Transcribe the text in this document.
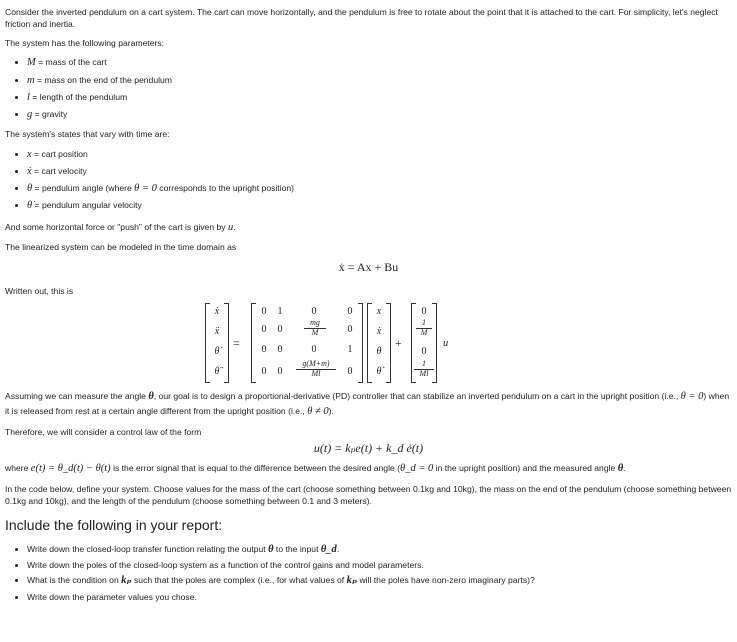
Consider the inverted pendulum on a cart system. The cart can move horizontally, and the pendulum is free to rotate about the point that it is attached to the cart. For simplicity, let's neglect friction and inertia.

The system has the following parameters:

• M = mass of the cart
• m = mass on the end of the pendulum
• l = length of the pendulum
• g = gravity

The system's states that vary with time are:

• x = cart position
• ẋ = cart velocity
• θ = pendulum angle (where θ = 0 corresponds to the upright position)
• θ̇ = pendulum angular velocity

And some horizontal force or "push" of the cart is given by u.

The linearized system can be modeled in the time domain as

ẋ = Ax + Bu

Written out, this is

ẋ
ẍ
θ̇
θ̈
=
0	1	0	0
0	0	$\frac{mg}{M}$	0
0	0	0	1
0	0	$\frac{g(M+m)}{Ml}$	0
x
ẋ
θ
θ̇
+
0
$\frac{1}{M}$
0
$\frac{1}{Ml}$
u

Assuming we can measure the angle θ, our goal is to design a proportional-derivative (PD) controller that can stabilize an inverted pendulum on a cart in the upright position (i.e., θ = 0) when it is released from rest at a certain angle different from the upright position (i.e., θ ≠ 0).

Therefore, we will consider a control law of the form

u(t) = kₚe(t) + k_d ė(t)

where e(t) = θ_d(t) − θ(t) is the error signal that is equal to the difference between the desired angle (θ_d = 0 in the upright position) and the measured angle θ.

In the code below, define your system. Choose values for the mass of the cart (choose something between 0.1kg and 10kg), the mass on the end of the pendulum (choose something between 0.1kg and 10kg), and the length of the pendulum (choose something between 0.1 and 3 meters).

Include the following in your report:
• Write down the closed-loop transfer function relating the output θ to the input θ_d.
• Write down the poles of the closed-loop system as a function of the control gains and model parameters.
• What is the condition on kₚ such that the poles are complex (i.e., for what values of kₚ will the poles have non-zero imaginary parts)?
• Write down the parameter values you chose.
